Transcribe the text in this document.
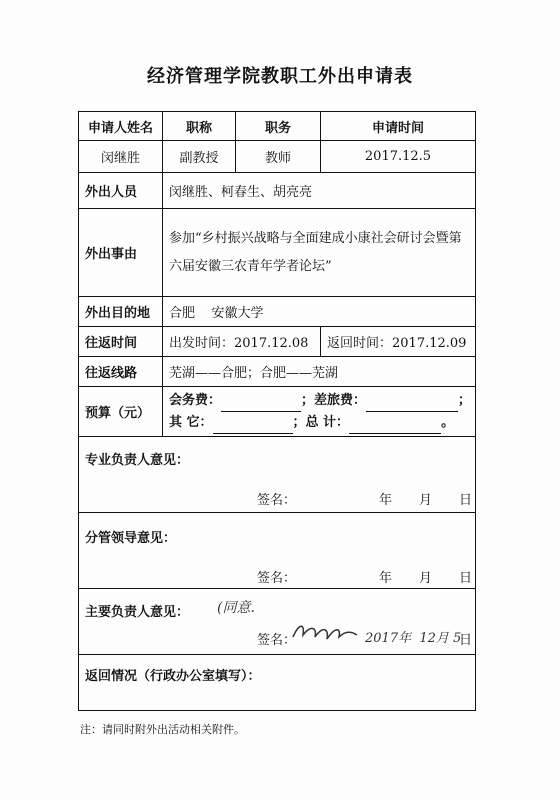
经济管理学院教职工外出申请表
申请人姓名	职称	职务	申请时间
闵继胜	副教授	教师	2017.12.5
外出人员	闵继胜、柯春生、胡亮亮
外出事由
参加“乡村振兴战略与全面建成小康社会研讨会暨第
六届安徽三农青年学者论坛”
外出目的地	合肥    安徽大学
往返时间	出发时间：2017.12.08	返回时间：2017.12.09
往返线路	芜湖——合肥；合肥——芜湖
预算（元）
会务费：	；差旅费：	；
其 它：	；总 计：	。
专业负责人意见：
签名：	年 月 日
分管领导意见：
签名：	年 月 日
主要负责人意见： (同意.
签名：	2017年  12月 5
日
返回情况（行政办公室填写）：
注：请同时附外出活动相关附件。
